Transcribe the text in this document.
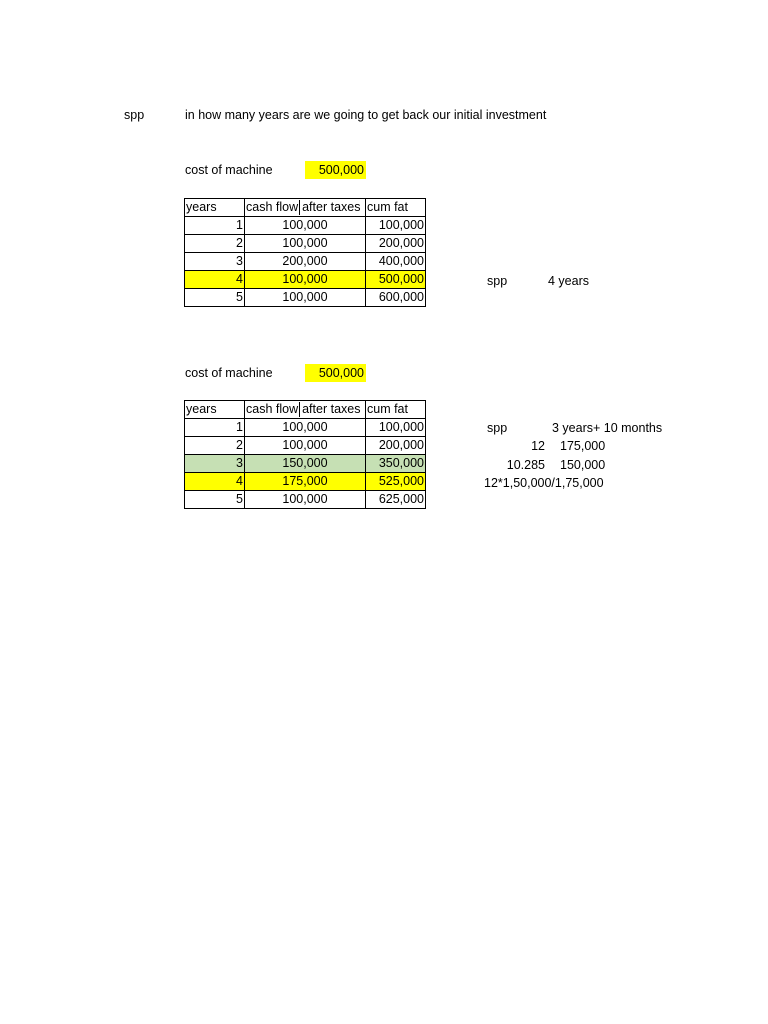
spp	in how many years are we going to get back our initial investment
cost of machine	500,000
years	cash flow after taxes	cum fat
1	100,000	100,000
2	100,000	200,000
3	200,000	400,000
4	100,000	500,000
5	100,000	600,000
spp	4 years
cost of machine	500,000
years	cash flow after taxes	cum fat
1	100,000	100,000
2	100,000	200,000
3	150,000	350,000
4	175,000	525,000
5	100,000	625,000
spp	3 years+ 10 months
12 175,000
10.285 150,000
12*1,50,000/1,75,000
